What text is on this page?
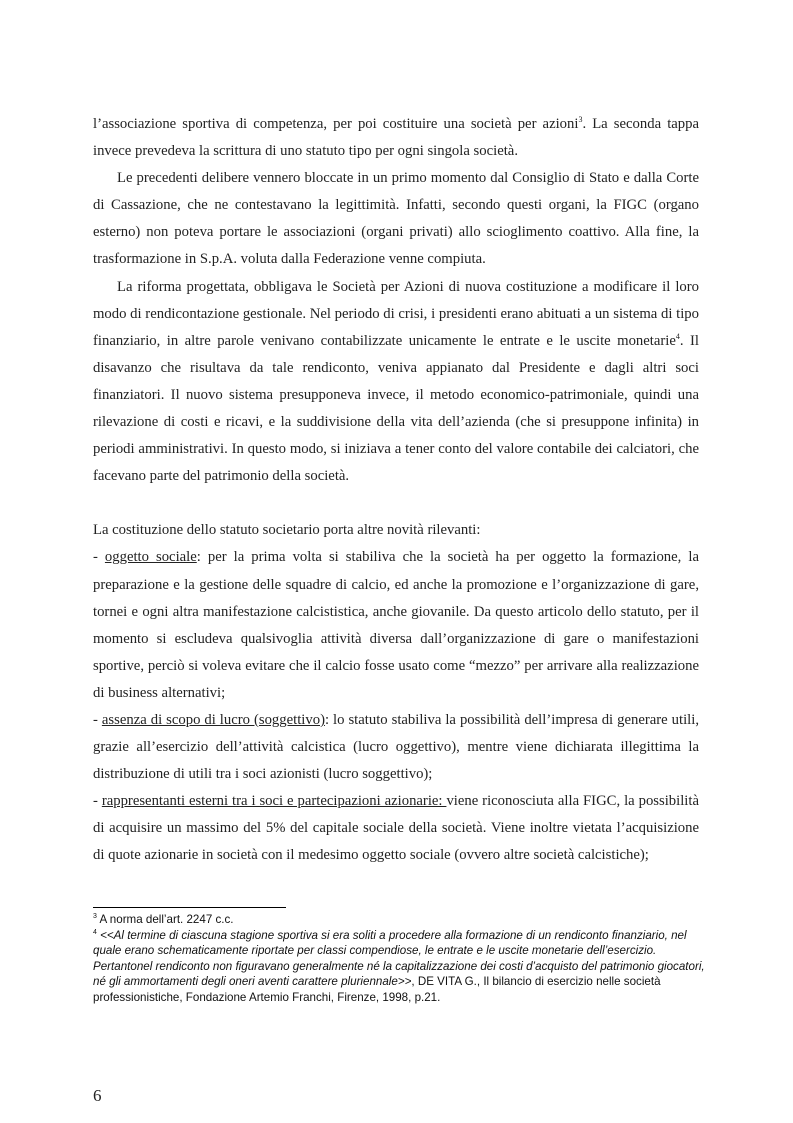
l’associazione sportiva di competenza, per poi costituire una società per azioni$^3$. La seconda tappa invece prevedeva la scrittura di uno statuto tipo per ogni singola società.

Le precedenti delibere vennero bloccate in un primo momento dal Consiglio di Stato e dalla Corte di Cassazione, che ne contestavano la legittimità. Infatti, secondo questi organi, la FIGC (organo esterno) non poteva portare le associazioni (organi privati) allo scioglimento coattivo. Alla fine, la trasformazione in S.p.A. voluta dalla Federazione venne compiuta.

La riforma progettata, obbligava le Società per Azioni di nuova costituzione a modificare il loro modo di rendicontazione gestionale. Nel periodo di crisi, i presidenti erano abituati a un sistema di tipo finanziario, in altre parole venivano contabilizzate unicamente le entrate e le uscite monetarie$^4$. Il disavanzo che risultava da tale rendiconto, veniva appianato dal Presidente e dagli altri soci finanziatori. Il nuovo sistema presupponeva invece, il metodo economico-patrimoniale, quindi una rilevazione di costi e ricavi, e la suddivisione della vita dell’azienda (che si presuppone infinita) in periodi amministrativi. In questo modo, si iniziava a tener conto del valore contabile dei calciatori, che facevano parte del patrimonio della società.

La costituzione dello statuto societario porta altre novità rilevanti:

- oggetto sociale: per la prima volta si stabiliva che la società ha per oggetto la formazione, la preparazione e la gestione delle squadre di calcio, ed anche la promozione e l’organizzazione di gare, tornei e ogni altra manifestazione calcististica, anche giovanile. Da questo articolo dello statuto, per il momento si escludeva qualsivoglia attività diversa dall’organizzazione di gare o manifestazioni sportive, perciò si voleva evitare che il calcio fosse usato come “mezzo” per arrivare alla realizzazione di business alternativi;

- assenza di scopo di lucro (soggettivo): lo statuto stabiliva la possibilità dell’impresa di generare utili, grazie all’esercizio dell’attività calcistica (lucro oggettivo), mentre viene dichiarata illegittima la distribuzione di utili tra i soci azionisti (lucro soggettivo);

- rappresentanti esterni tra i soci e partecipazioni azionarie: viene riconosciuta alla FIGC, la possibilità di acquisire un massimo del 5% del capitale sociale della società. Viene inoltre vietata l’acquisizione di quote azionarie in società con il medesimo oggetto sociale (ovvero altre società calcistiche);

$^3$ A norma dell’art. 2247 c.c.

$^4$ <<Al termine di ciascuna stagione sportiva si era soliti a procedere alla formazione di un rendiconto finanziario, nel quale erano schematicamente riportate per classi compendiose, le entrate e le uscite monetarie dell’esercizio. Pertantonel rendiconto non figuravano generalmente né la capitalizzazione dei costi d’acquisto del patrimonio giocatori, né gli ammortamenti degli oneri aventi carattere pluriennale>>, DE VITA G., Il bilancio di esercizio nelle società professionistiche, Fondazione Artemio Franchi, Firenze, 1998, p.21.

6
